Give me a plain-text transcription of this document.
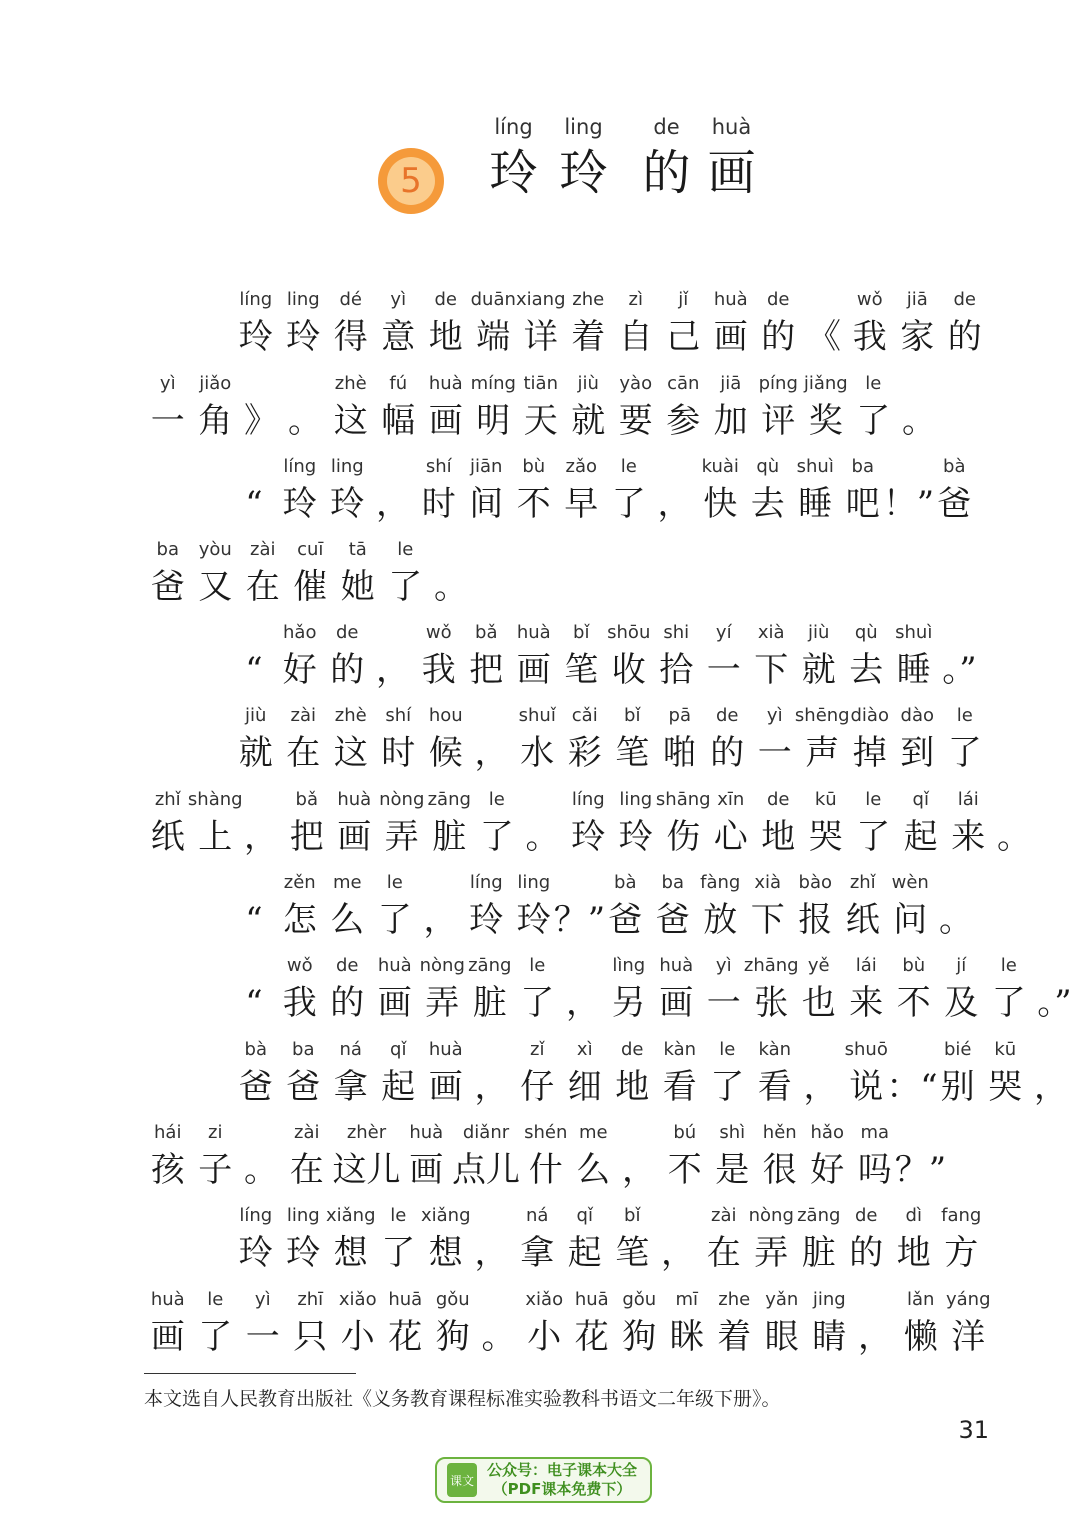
5
líng
玲
ling
玲
de
的
huà
画
líng
玲
ling
玲
dé
得
yì
意
de
地
duān
端
xiang
详
zhe
着
zì
自
jǐ
己
huà
画
de
的 《
wǒ
我
jiā
家
de
的
yì
一
jiǎo
角 》 。
zhè
这
fú
幅
huà
画
míng
明
tiān
天
jiù
就
yào
要
cān
参
jiā
加
píng
评
jiǎng
奖
le
了 。
“
líng
玲
ling
玲 ，
shí
时
jiān
间
bù
不
zǎo
早
le
了 ，
kuài
快
qù
去
shuì
睡
ba
吧 ！”
bà
爸
ba
爸
yòu
又
zài
在
cuī
催
tā
她
le
了 。
“
hǎo
好
de
的 ，
wǒ
我
bǎ
把
huà
画
bǐ
笔
shōu
收
shi
拾
yí
一
xià
下
jiù
就
qù
去
shuì
睡 。”
jiù
就
zài
在
zhè
这
shí
时
hou
候 ，
shuǐ
水
cǎi
彩
bǐ
笔
pā
啪
de
的
yì
一
shēng
声
diào
掉
dào
到
le
了
zhǐ
纸
shàng
上 ，
bǎ
把
huà
画
nòng
弄
zāng
脏
le
了 。
líng
玲
ling
玲
shāng
伤
xīn
心
de
地
kū
哭
le
了
qǐ
起
lái
来 。
“
zěn
怎
me
么
le
了 ，
líng
玲
ling
玲 ？”
bà
爸
ba
爸
fàng
放
xià
下
bào
报
zhǐ
纸
wèn
问 。
“
wǒ
我
de
的
huà
画
nòng
弄
zāng
脏
le
了 ，
lìng
另
huà
画
yì
一
zhāng
张
yě
也
lái
来
bù
不
jí
及
le
了 。”
bà
爸
ba
爸
ná
拿
qǐ
起
huà
画 ，
zǐ
仔
xì
细
de
地
kàn
看
le
了
kàn
看 ，
shuō
说 ：“
bié
别
kū
哭 ，
hái
孩
zi
子 。
zài
在
zhèr
这儿
huà
画
diǎnr
点儿
shén
什
me
么 ，
bú
不
shì
是
hěn
很
hǎo
好
ma
吗 ？”
líng
玲
ling
玲
xiǎng
想
le
了
xiǎng
想 ，
ná
拿
qǐ
起
bǐ
笔 ，
zài
在
nòng
弄
zāng
脏
de
的
dì
地
fang
方
huà
画
le
了
yì
一
zhī
只
xiǎo
小
huā
花
gǒu
狗 。
xiǎo
小
huā
花
gǒu
狗
mī
眯
zhe
着
yǎn
眼
jing
睛 ，
lǎn
懒
yáng
洋
本文选自人民教育出版社《义务教育课程标准实验教科书语文二年级下册》。
31
课文
公众号：电子课本大全
（PDF课本免费下）
